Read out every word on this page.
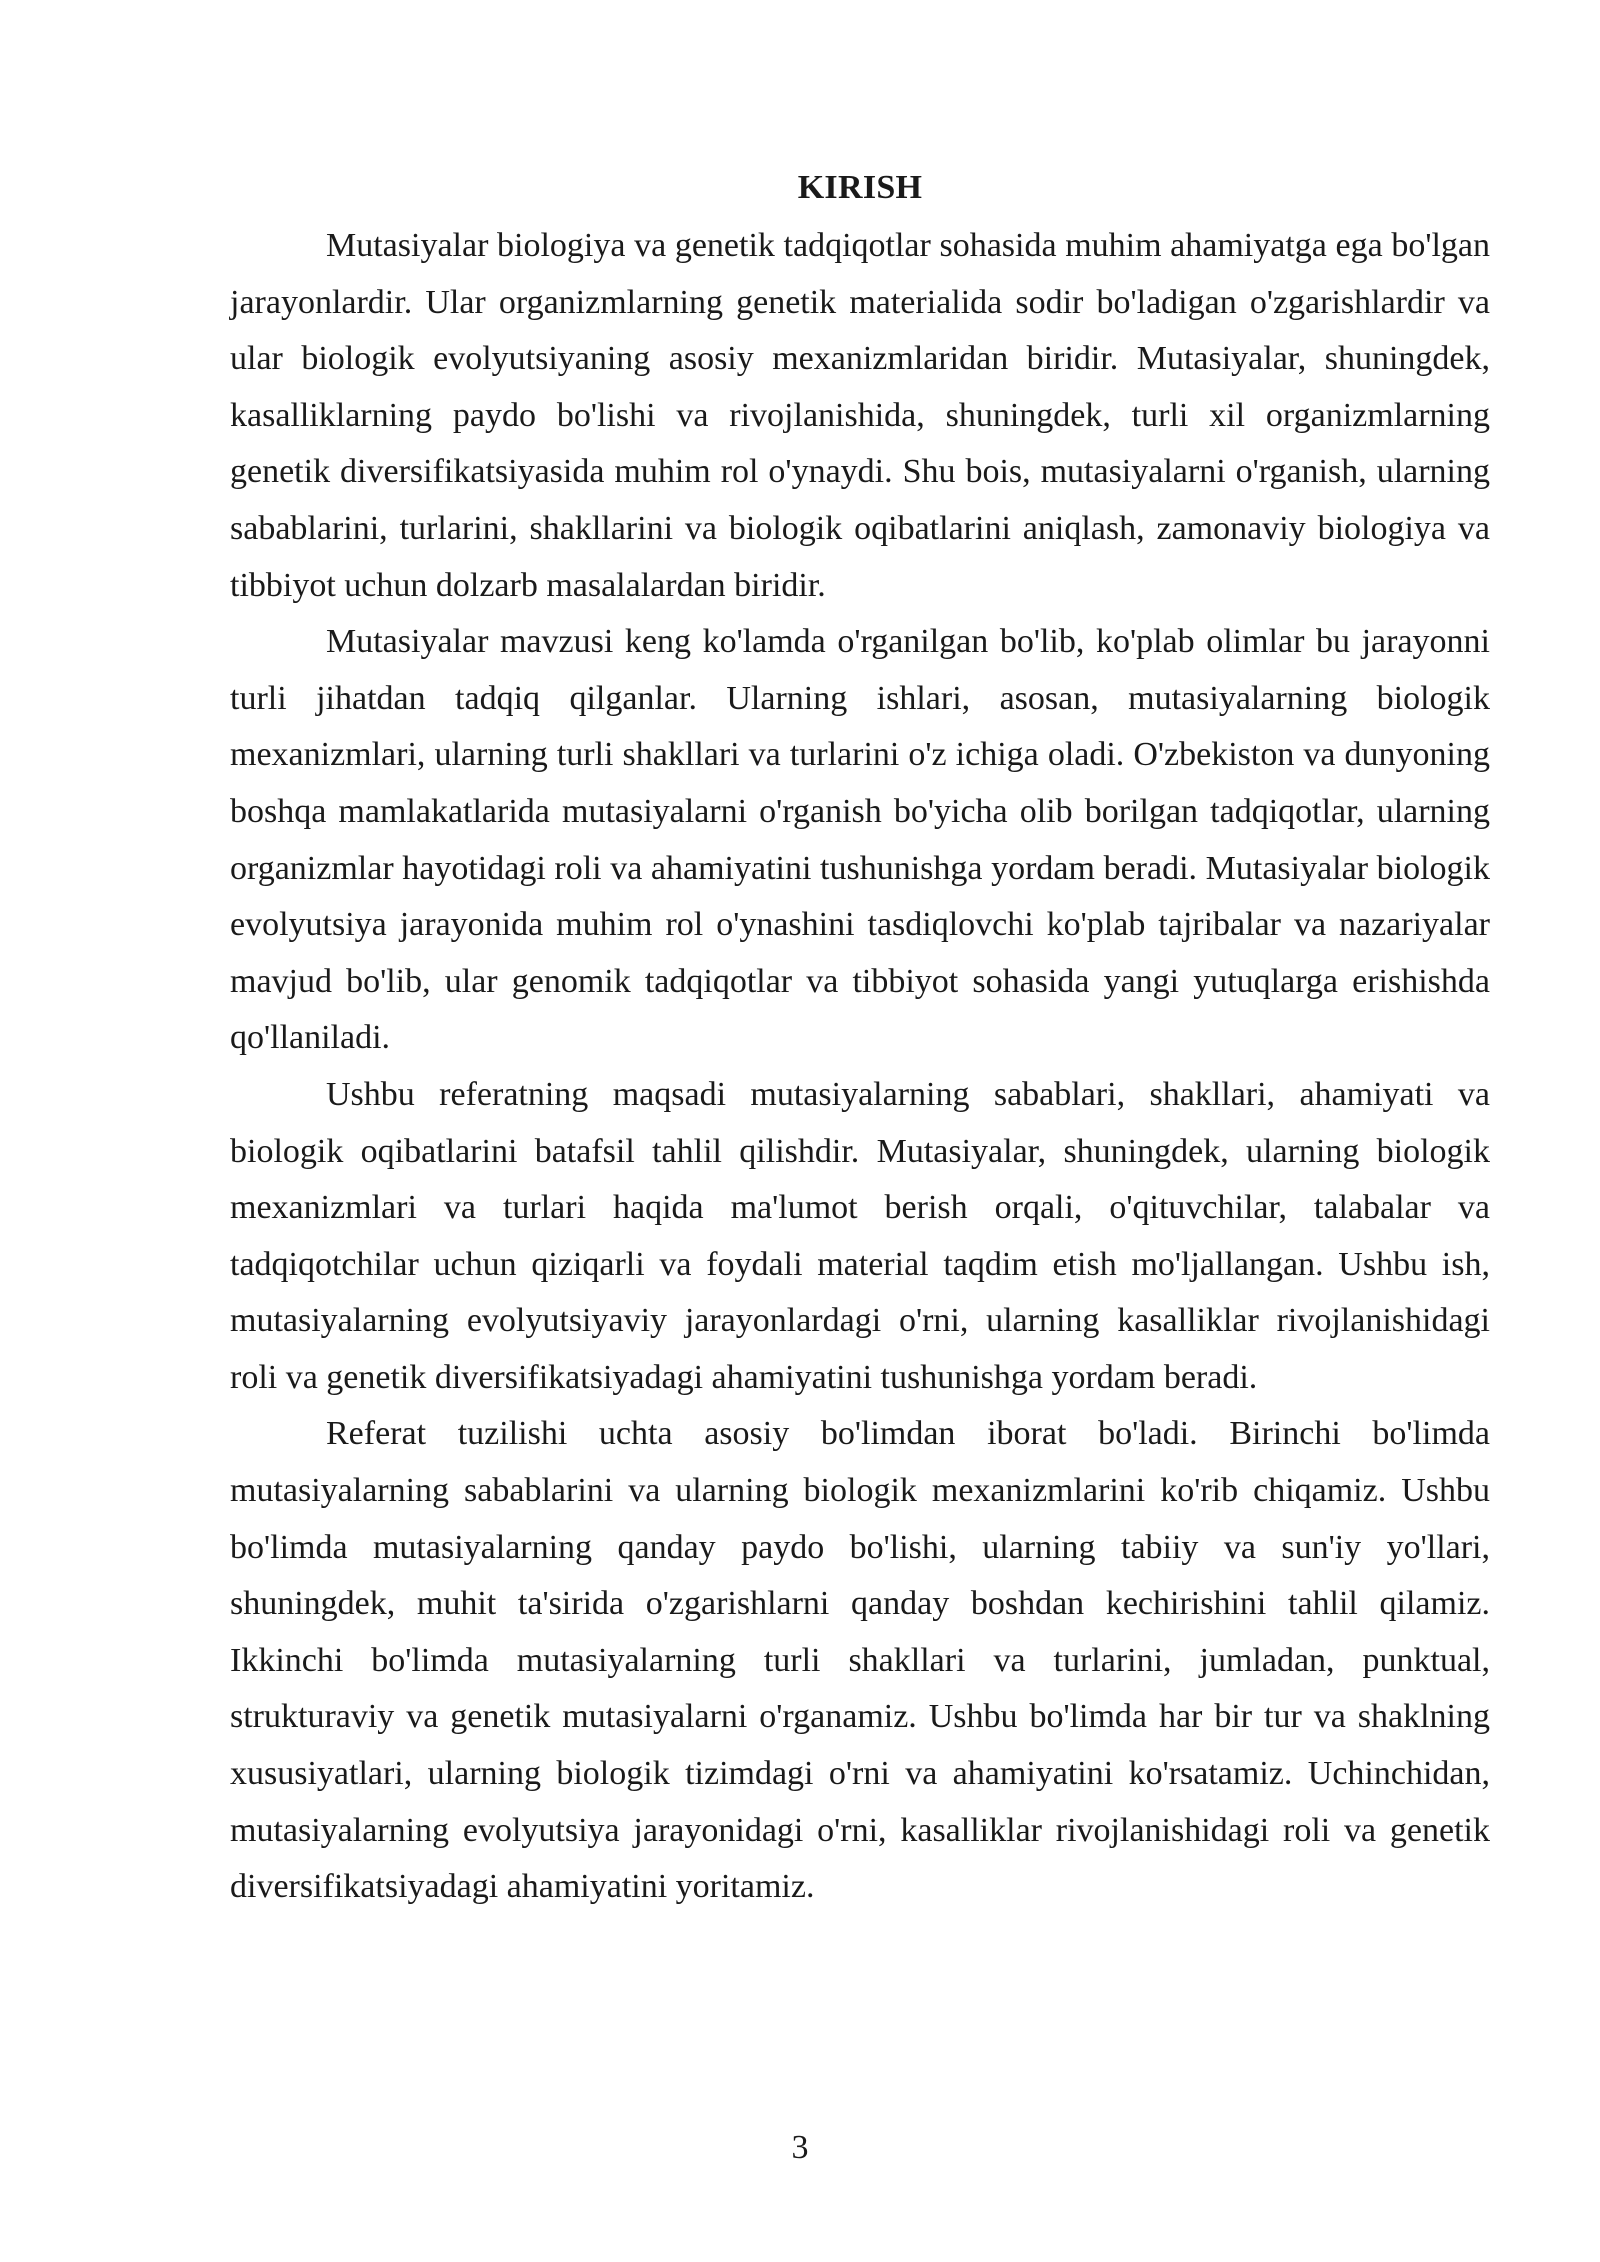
KIRISH

Mutasiyalar biologiya va genetik tadqiqotlar sohasida muhim ahamiyatga ega bo'lgan jarayonlardir. Ular organizmlarning genetik materialida sodir bo'ladigan o'zgarishlardir va ular biologik evolyutsiyaning asosiy mexanizmlaridan biridir. Mutasiyalar, shuningdek, kasalliklarning paydo bo'lishi va rivojlanishida, shuningdek, turli xil organizmlarning genetik diversifikatsiyasida muhim rol o'ynaydi. Shu bois, mutasiyalarni o'rganish, ularning sabablarini, turlarini, shakllarini va biologik oqibatlarini aniqlash, zamonaviy biologiya va tibbiyot uchun dolzarb masalalardan biridir.

Mutasiyalar mavzusi keng ko'lamda o'rganilgan bo'lib, ko'plab olimlar bu jarayonni turli jihatdan tadqiq qilganlar. Ularning ishlari, asosan, mutasiyalarning biologik mexanizmlari, ularning turli shakllari va turlarini o'z ichiga oladi. O'zbekiston va dunyoning boshqa mamlakatlarida mutasiyalarni o'rganish bo'yicha olib borilgan tadqiqotlar, ularning organizmlar hayotidagi roli va ahamiyatini tushunishga yordam beradi. Mutasiyalar biologik evolyutsiya jarayonida muhim rol o'ynashini tasdiqlovchi ko'plab tajribalar va nazariyalar mavjud bo'lib, ular genomik tadqiqotlar va tibbiyot sohasida yangi yutuqlarga erishishda qo'llaniladi.

Ushbu referatning maqsadi mutasiyalarning sabablari, shakllari, ahamiyati va biologik oqibatlarini batafsil tahlil qilishdir. Mutasiyalar, shuningdek, ularning biologik mexanizmlari va turlari haqida ma'lumot berish orqali, o'qituvchilar, talabalar va tadqiqotchilar uchun qiziqarli va foydali material taqdim etish mo'ljallangan. Ushbu ish, mutasiyalarning evolyutsiyaviy jarayonlardagi o'rni, ularning kasalliklar rivojlanishidagi roli va genetik diversifikatsiyadagi ahamiyatini tushunishga yordam beradi.

Referat tuzilishi uchta asosiy bo'limdan iborat bo'ladi. Birinchi bo'limda mutasiyalarning sabablarini va ularning biologik mexanizmlarini ko'rib chiqamiz. Ushbu bo'limda mutasiyalarning qanday paydo bo'lishi, ularning tabiiy va sun'iy yo'llari, shuningdek, muhit ta'sirida o'zgarishlarni qanday boshdan kechirishini tahlil qilamiz. Ikkinchi bo'limda mutasiyalarning turli shakllari va turlarini, jumladan, punktual, strukturaviy va genetik mutasiyalarni o'rganamiz. Ushbu bo'limda har bir tur va shaklning xususiyatlari, ularning biologik tizimdagi o'rni va ahamiyatini ko'rsatamiz. Uchinchidan, mutasiyalarning evolyutsiya jarayonidagi o'rni, kasalliklar rivojlanishidagi roli va genetik diversifikatsiyadagi ahamiyatini yoritamiz.

3
